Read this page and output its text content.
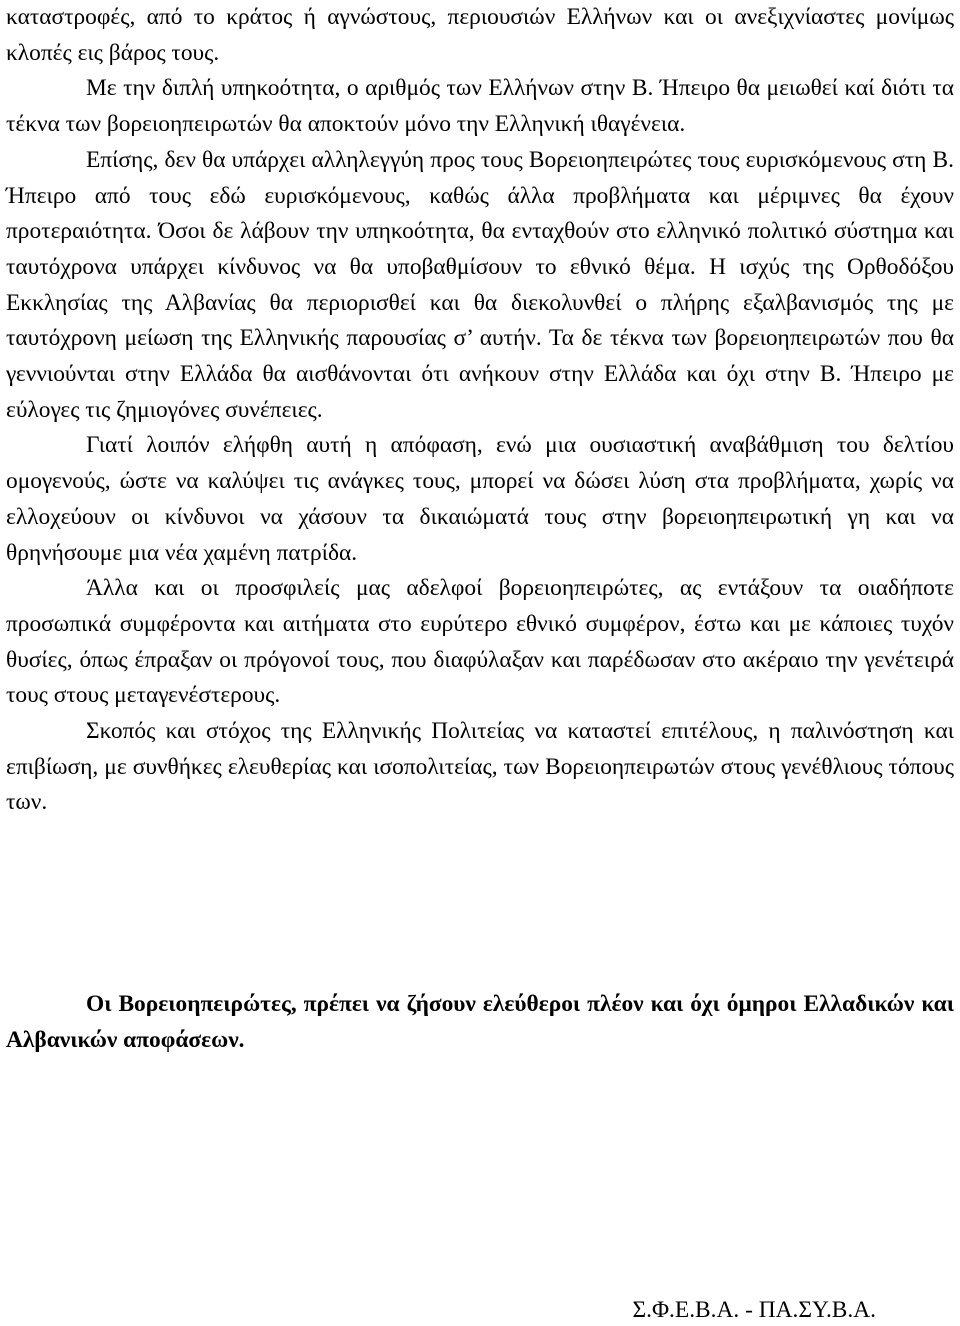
καταστροφές, από το κράτος ή αγνώστους, περιουσιών Ελλήνων και οι ανεξιχνίαστες μονίμως κλοπές εις βάρος τους.

Με την διπλή υπηκοότητα, ο αριθμός των Ελλήνων στην Β. Ήπειρο θα μειωθεί καί διότι τα τέκνα των βορειοηπειρωτών θα αποκτούν μόνο την Ελληνική ιθαγένεια.

Επίσης, δεν θα υπάρχει αλληλεγγύη προς τους Βορειοηπειρώτες τους ευρισκόμενους στη Β. Ήπειρο από τους εδώ ευρισκόμενους, καθώς άλλα προβλήματα και μέριμνες θα έχουν προτεραιότητα. Όσοι δε λάβουν την υπηκοότητα, θα ενταχθούν στο ελληνικό πολιτικό σύστημα και ταυτόχρονα υπάρχει κίνδυνος να θα υποβαθμίσουν το εθνικό θέμα. Η ισχύς της Ορθοδόξου Εκκλησίας της Αλβανίας θα περιορισθεί και θα διεκολυνθεί ο πλήρης εξαλβανισμός της με ταυτόχρονη μείωση της Ελληνικής παρουσίας σ’ αυτήν. Τα δε τέκνα των βορειοηπειρωτών που θα γεννιούνται στην Ελλάδα θα αισθάνονται ότι ανήκουν στην Ελλάδα και όχι στην Β. Ήπειρο με εύλογες τις ζημιογόνες συνέπειες.

Γιατί λοιπόν ελήφθη αυτή η απόφαση, ενώ μια ουσιαστική αναβάθμιση του δελτίου ομογενούς, ώστε να καλύψει τις ανάγκες τους, μπορεί να δώσει λύση στα προβλήματα, χωρίς να ελλοχεύουν οι κίνδυνοι να χάσουν τα δικαιώματά τους στην βορειοηπειρωτική γη και να θρηνήσουμε μια νέα χαμένη πατρίδα.

Άλλα και οι προσφιλείς μας αδελφοί βορειοηπειρώτες, ας εντάξουν τα οιαδήποτε προσωπικά συμφέροντα και αιτήματα στο ευρύτερο εθνικό συμφέρον, έστω και με κάποιες τυχόν θυσίες, όπως έπραξαν οι πρόγονοί τους, που διαφύλαξαν και παρέδωσαν στο ακέραιο την γενέτειρά τους στους μεταγενέστερους.

Σκοπός και στόχος της Ελληνικής Πολιτείας να καταστεί επιτέλους, η παλινόστηση και επιβίωση, με συνθήκες ελευθερίας και ισοπολιτείας, των Βορειοηπειρωτών στους γενέθλιους τόπους των.

Οι Βορειοηπειρώτες, πρέπει να ζήσουν ελεύθεροι πλέον και όχι όμηροι Ελλαδικών και Αλβανικών αποφάσεων.

Σ.Φ.Ε.Β.Α. - ΠΑ.ΣΥ.Β.Α.
